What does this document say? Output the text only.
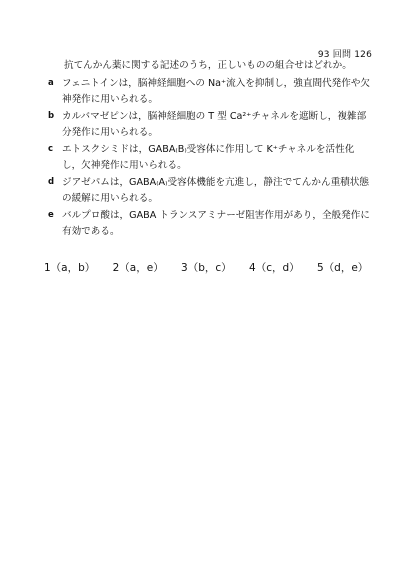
93 回問 126
抗てんかん薬に関する記述のうち，正しいものの組合せはどれか。
a フェニトインは，脳神経細胞への Na⁺流入を抑制し，強直間代発作や欠神発作に用いられる。
b カルバマゼピンは，脳神経細胞の T 型 Ca²⁺チャネルを遮断し，複雑部分発作に用いられる。
c エトスクシミドは，GABA₍B₎受容体に作用して K⁺チャネルを活性化し，欠神発作に用いられる。
d ジアゼパムは，GABA₍A₎受容体機能を亢進し，静注でてんかん重積状態の緩解に用いられる。
e バルプロ酸は，GABA トランスアミナーゼ阻害作用があり，全般発作に有効である。
1（a，b） 2（a，e） 3（b，c） 4（c，d） 5（d，e）
